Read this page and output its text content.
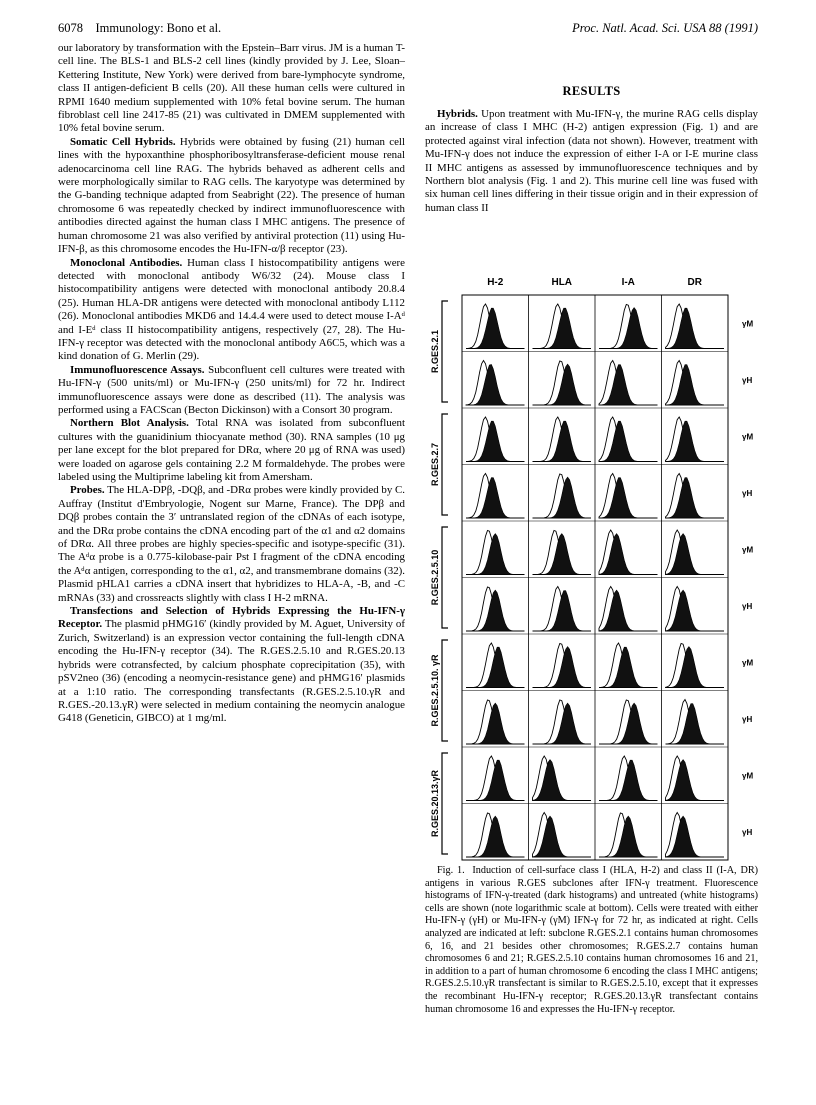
6078 Immunology: Bono et al.	Proc. Natl. Acad. Sci. USA 88 (1991)

our laboratory by transformation with the Epstein–Barr virus. JM is a human T-cell line. The BLS-1 and BLS-2 cell lines (kindly provided by J. Lee, Sloan–Kettering Institute, New York) were derived from bare-lymphocyte syndrome, class II antigen-deficient B cells (20). All these human cells were cultured in RPMI 1640 medium supplemented with 10% fetal bovine serum. The human fibroblast cell line 2417-85 (21) was cultivated in DMEM supplemented with 10% fetal bovine serum.

Somatic Cell Hybrids. Hybrids were obtained by fusing (21) human cell lines with the hypoxanthine phosphoribosyltransferase-deficient mouse renal adenocarcinoma cell line RAG. The hybrids behaved as adherent cells and were morphologically similar to RAG cells. The karyotype was determined by the G-banding technique adapted from Seabright (22). The presence of human chromosome 6 was repeatedly checked by indirect immunofluorescence with antibodies directed against the human class I MHC antigens. The presence of human chromosome 21 was also verified by antiviral protection (11) using Hu-IFN-β, as this chromosome encodes the Hu-IFN-α/β receptor (23).

Monoclonal Antibodies. Human class I histocompatibility antigens were detected with monoclonal antibody W6/32 (24). Mouse class I histocompatibility antigens were detected with monoclonal antibody 20.8.4 (25). Human HLA-DR antigens were detected with monoclonal antibody L112 (26). Monoclonal antibodies MKD6 and 14.4.4 were used to detect mouse I-Aᵈ and I-Eᵈ class II histocompatibility antigens, respectively (27, 28). The Hu-IFN-γ receptor was detected with the monoclonal antibody A6C5, which was a kind donation of G. Merlin (29).

Immunofluorescence Assays. Subconfluent cell cultures were treated with Hu-IFN-γ (500 units/ml) or Mu-IFN-γ (250 units/ml) for 72 hr. Indirect immunofluorescence assays were done as described (11). The analysis was performed using a FACScan (Becton Dickinson) with a Consort 30 program.

Northern Blot Analysis. Total RNA was isolated from subconfluent cultures with the guanidinium thiocyanate method (30). RNA samples (10 μg per lane except for the blot prepared for DRα, where 20 μg of RNA was used) were loaded on agarose gels containing 2.2 M formaldehyde. The probes were labeled using the Multiprime labeling kit from Amersham.

Probes. The HLA-DPβ, -DQβ, and -DRα probes were kindly provided by C. Auffray (Institut d'Embryologie, Nogent sur Marne, France). The DPβ and DQβ probes contain the 3′ untranslated region of the cDNAs of each isotype, and the DRα probe contains the cDNA encoding part of the α1 and α2 domains of DRα. All three probes are highly species-specific and isotype-specific (31). The Aᵈα probe is a 0.775-kilobase-pair Pst I fragment of the cDNA encoding the Aᵈα antigen, corresponding to the α1, α2, and transmembrane domains (32). Plasmid pHLA1 carries a cDNA insert that hybridizes to HLA-A, -B, and -C mRNAs (33) and crossreacts slightly with class I H-2 mRNA.

Transfections and Selection of Hybrids Expressing the Hu-IFN-γ Receptor. The plasmid pHMG16′ (kindly provided by M. Aguet, University of Zurich, Switzerland) is an expression vector containing the full-length cDNA encoding the Hu-IFN-γ receptor (34). The R.GES.2.5.10 and R.GES.20.13 hybrids were cotransfected, by calcium phosphate coprecipitation (35), with pSV2neo (36) (encoding a neomycin-resistance gene) and pHMG16′ plasmids at a 1:10 ratio. The corresponding transfectants (R.GES.2.5.10.γR and R.GES.-20.13.γR) were selected in medium containing the neomycin analogue G418 (Geneticin, GIBCO) at 1 mg/ml.

RESULTS

Hybrids. Upon treatment with Mu-IFN-γ, the murine RAG cells display an increase of class I MHC (H-2) antigen expression (Fig. 1) and are protected against viral infection (data not shown). However, treatment with Mu-IFN-γ does not induce the expression of either I-A or I-E murine class II MHC antigens as assessed by immunofluorescence techniques and by Northern blot analysis (Fig. 1 and 2). This murine cell line was fused with six human cell lines differing in their tissue origin and in their expression of human class II

H-2	HLA	I-A	DR
R.GES.2.1
R.GES.2.7
R.GES.2.5.10
R.GES.2.5.10. γR
R.GES.20.13.γR
γM
γH
γM
γH
γM
γH
γM
γH
γM
γH

Fig. 1. Induction of cell-surface class I (HLA, H-2) and class II (I-A, DR) antigens in various R.GES subclones after IFN-γ treatment. Fluorescence histograms of IFN-γ-treated (dark histograms) and untreated (white histograms) cells are shown (note logarithmic scale at bottom). Cells were treated with either Hu-IFN-γ (γH) or Mu-IFN-γ (γM) IFN-γ for 72 hr, as indicated at right. Cells analyzed are indicated at left: subclone R.GES.2.1 contains human chromosomes 6, 16, and 21 besides other chromosomes; R.GES.2.7 contains human chromosomes 6 and 21; R.GES.2.5.10 contains human chromosomes 16 and 21, in addition to a part of human chromosome 6 encoding the class I MHC antigens; R.GES.2.5.10.γR transfectant is similar to R.GES.2.5.10, except that it expresses the recombinant Hu-IFN-γ receptor; R.GES.20.13.γR transfectant contains human chromosome 16 and expresses the Hu-IFN-γ receptor.
